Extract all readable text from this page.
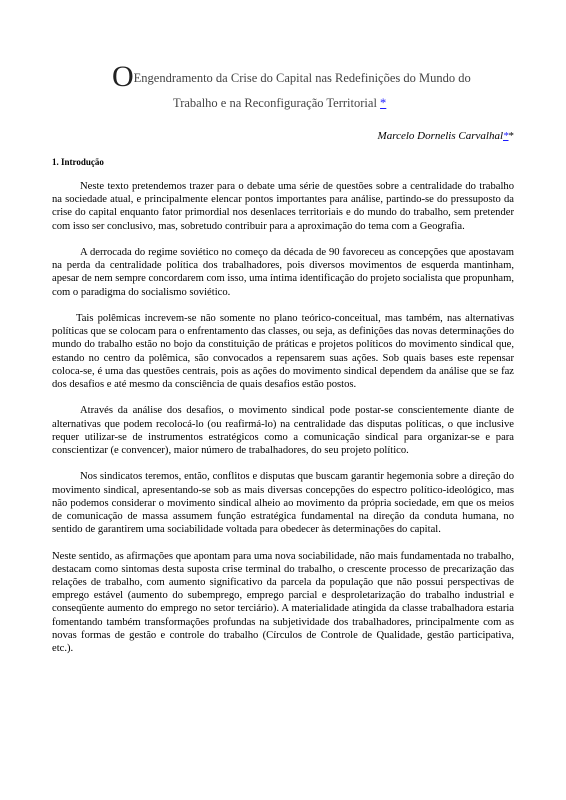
OEngendramento da Crise do Capital nas Redefinições do Mundo do
Trabalho e na Reconfiguração Territorial *
Marcelo Dornelis Carvalhal**
1. Introdução

Neste texto pretendemos trazer para o debate uma série de questões sobre a centralidade do trabalho na sociedade atual, e principalmente elencar pontos importantes para análise, partindo-se do pressuposto da crise do capital enquanto fator primordial nos desenlaces territoriais e do mundo do trabalho, sem pretender com isso ser conclusivo, mas, sobretudo contribuir para a aproximação do tema com a Geografia.

A derrocada do regime soviético no começo da década de 90 favoreceu as concepções que apostavam na perda da centralidade política dos trabalhadores, pois diversos movimentos de esquerda mantinham, apesar de nem sempre concordarem com isso, uma íntima identificação do projeto socialista que propunham, com o paradigma do socialismo soviético.

Tais polêmicas increvem-se não somente no plano teórico-conceitual, mas também, nas alternativas políticas que se colocam para o enfrentamento das classes, ou seja, as definições das novas determinações do mundo do trabalho estão no bojo da constituição de práticas e projetos políticos do movimento sindical que, estando no centro da polêmica, são convocados a repensarem suas ações. Sob quais bases este repensar coloca-se, é uma das questões centrais, pois as ações do movimento sindical dependem da análise que se faz dos desafios e até mesmo da consciência de quais desafios estão postos.

Através da análise dos desafios, o movimento sindical pode postar-se conscientemente diante de alternativas que podem recolocá-lo (ou reafirmá-lo) na centralidade das disputas políticas, o que inclusive requer utilizar-se de instrumentos estratégicos como a comunicação sindical para organizar-se e para conscientizar (e convencer), maior número de trabalhadores, do seu projeto político.

Nos sindicatos teremos, então, conflitos e disputas que buscam garantir hegemonia sobre a direção do movimento sindical, apresentando-se sob as mais diversas concepções do espectro político-ideológico, mas não podemos considerar o movimento sindical alheio ao movimento da própria sociedade, em que os meios de comunicação de massa assumem função estratégica fundamental na direção da conduta humana, no sentido de garantirem uma sociabilidade voltada para obedecer às determinações do capital.

Neste sentido, as afirmações que apontam para uma nova sociabilidade, não mais fundamentada no trabalho, destacam como sintomas desta suposta crise terminal do trabalho, o crescente processo de precarização das relações de trabalho, com aumento significativo da parcela da população que não possui perspectivas de emprego estável (aumento do subemprego, emprego parcial e desproletarização do trabalho industrial e conseqüente aumento do emprego no setor terciário). A materialidade atingida da classe trabalhadora estaria fomentando também transformações profundas na subjetividade dos trabalhadores, principalmente com as novas formas de gestão e controle do trabalho (Círculos de Controle de Qualidade, gestão participativa, etc.).
